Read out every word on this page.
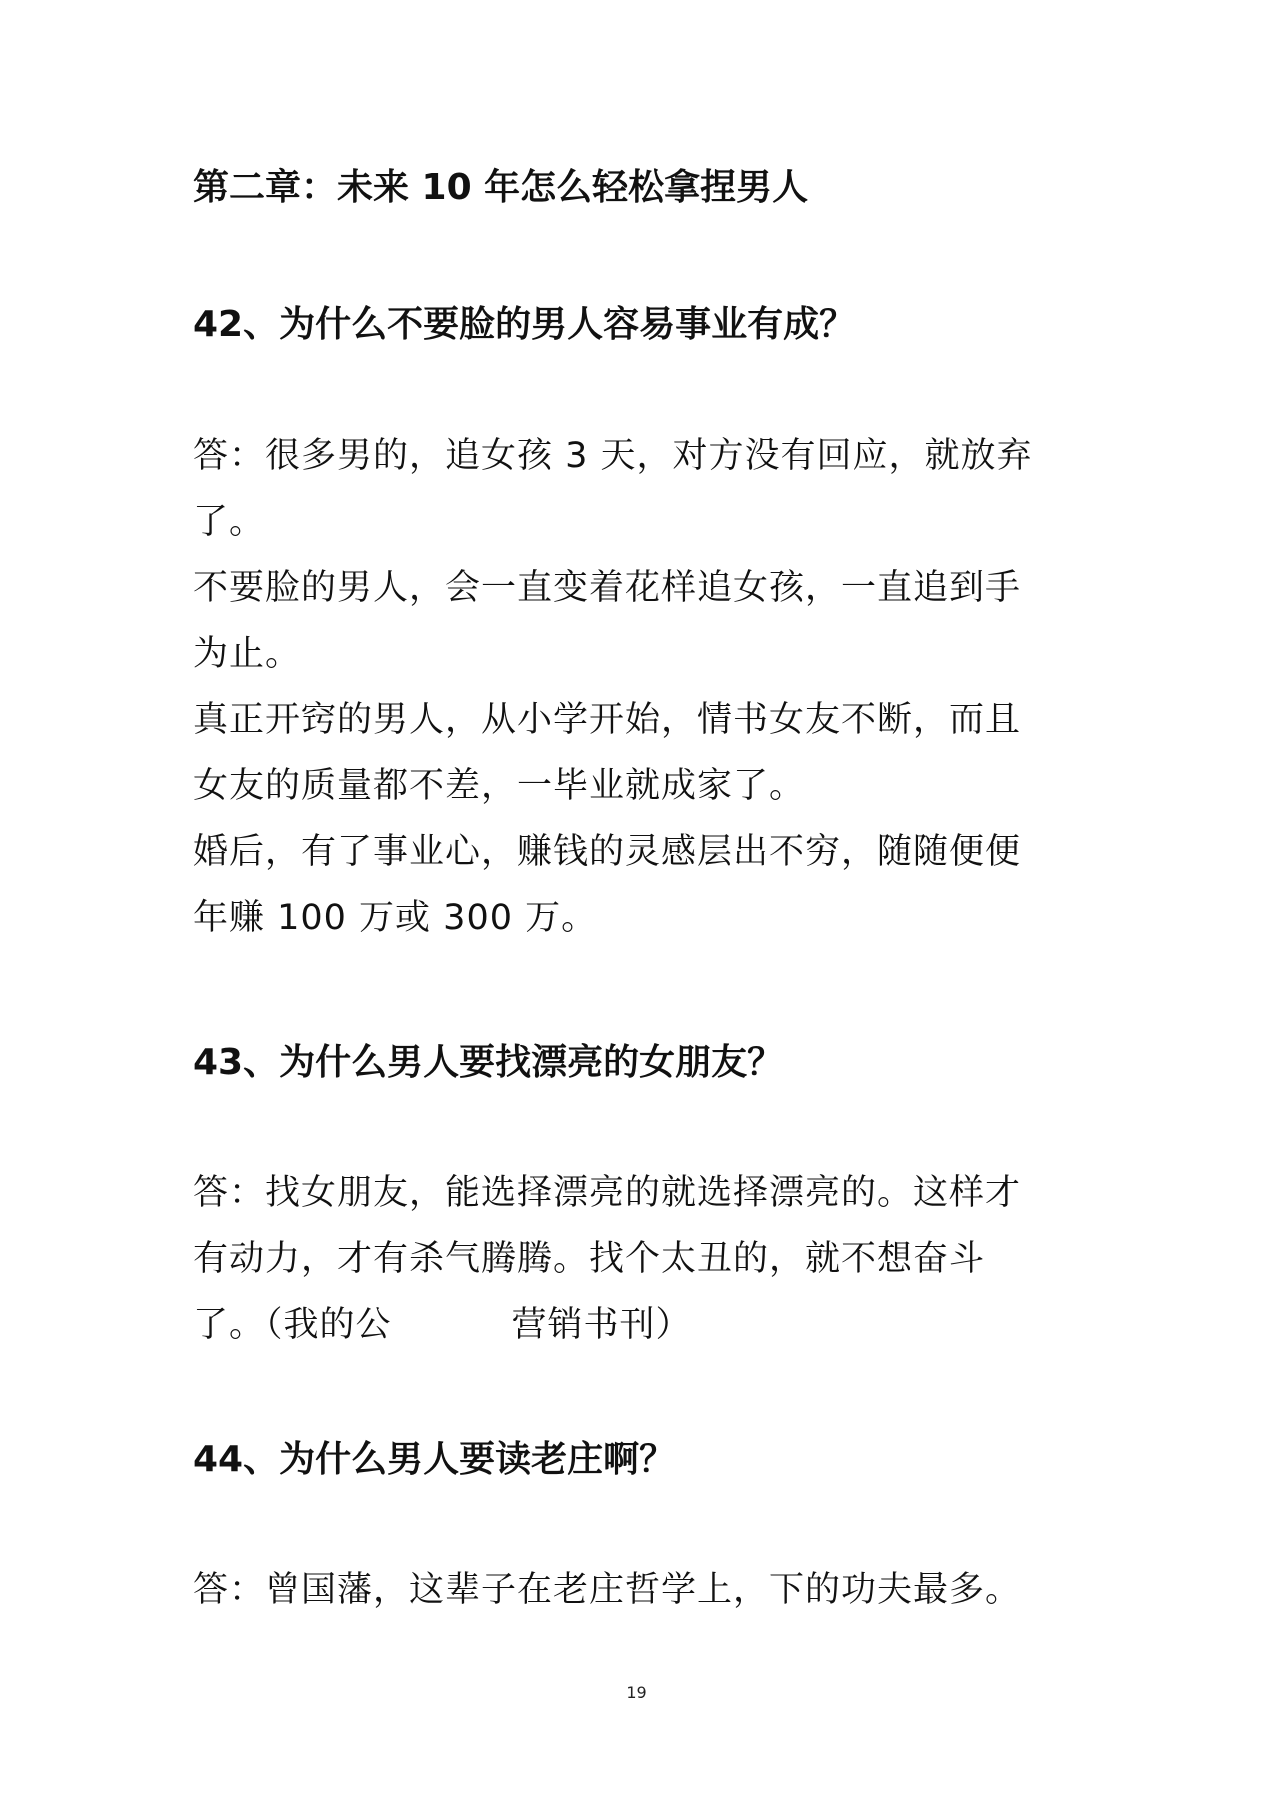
第二章：未来 10 年怎么轻松拿捏男人
42、为什么不要脸的男人容易事业有成？

答：很多男的，追女孩 3 天，对方没有回应，就放弃

了。

不要脸的男人，会一直变着花样追女孩，一直追到手

为止。

真正开窍的男人，从小学开始，情书女友不断，而且

女友的质量都不差，一毕业就成家了。

婚后，有了事业心，赚钱的灵感层出不穷，随随便便

年赚 100 万或 300 万。

43、为什么男人要找漂亮的女朋友？

答：找女朋友，能选择漂亮的就选择漂亮的。这样才

有动力，才有杀气腾腾。找个太丑的，就不想奋斗

了。（我的公	营销书刊）

44、为什么男人要读老庄啊？

答：曾国藩，这辈子在老庄哲学上，下的功夫最多。

19
